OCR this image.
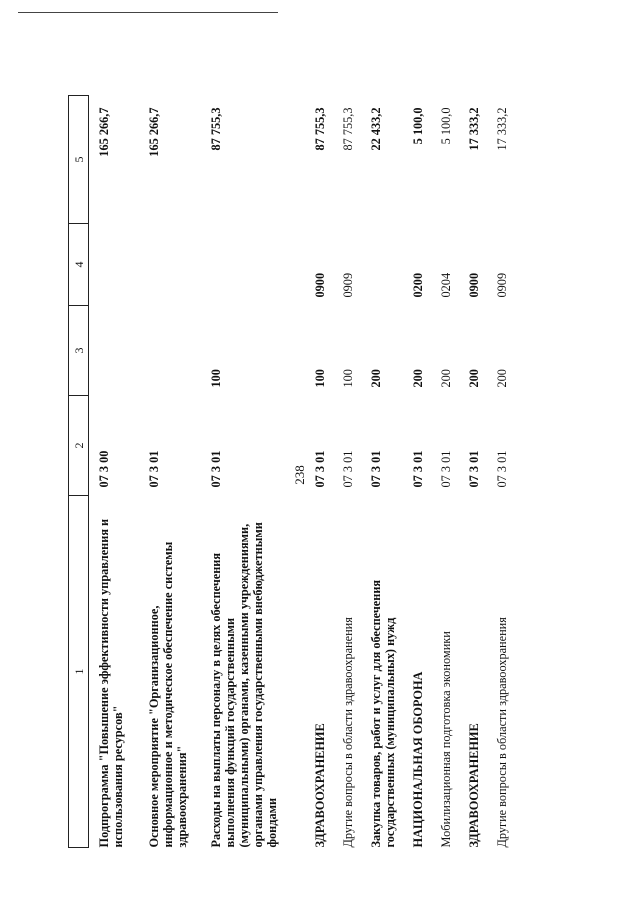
238
1	2	3	4	5

Подпрограмма "Повышение эффективности управления и использования ресурсов"	07 3 00			165 266,7
Основное мероприятие "Организационное, информационное и методическое обеспечение системы здравоохранения"	07 3 01			165 266,7
Расходы на выплаты персоналу в целях обеспечения выполнения функций государственными (муниципальными) органами, казенными учреждениями, органами управления государственными внебюджетными фондами	07 3 01	100		87 755,3
ЗДРАВООХРАНЕНИЕ	07 3 01	100	0900	87 755,3
Другие вопросы в области здравоохранения	07 3 01	100	0909	87 755,3
Закупка товаров, работ и услуг для обеспечения государственных (муниципальных) нужд	07 3 01	200		22 433,2
НАЦИОНАЛЬНАЯ ОБОРОНА	07 3 01	200	0200	5 100,0
Мобилизационная подготовка экономики	07 3 01	200	0204	5 100,0
ЗДРАВООХРАНЕНИЕ	07 3 01	200	0900	17 333,2
Другие вопросы в области здравоохранения	07 3 01	200	0909	17 333,2
